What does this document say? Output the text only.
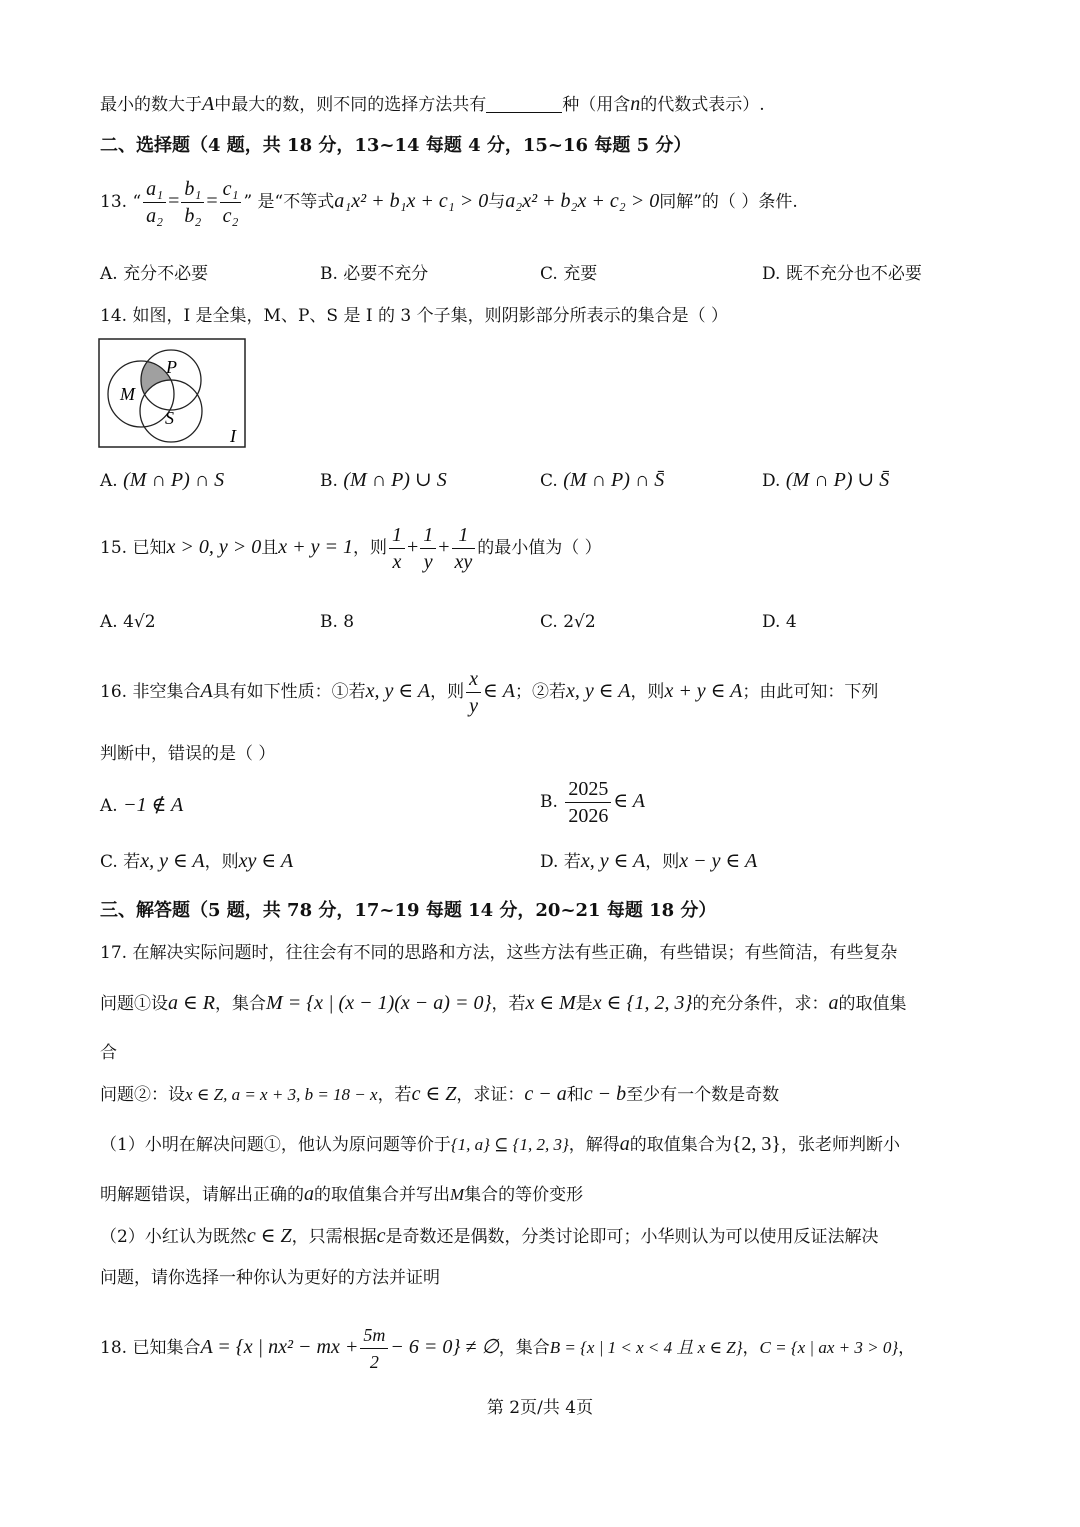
最小的数大于A中最大的数，则不同的选择方法共有	种（用含n的代数式表示）.
二、选择题（4 题，共 18 分，13~14 每题 4 分，15~16 每题 5 分）
13. “ $\frac{\text{a₁}}{\text{a₂}} = \frac{\text{b₁}}{\text{b₂}} = \frac{\text{c₁}}{\text{c₂}}$ ” 是“不等式a₁x² + b₁x + c₁ > 0与a₂x² + b₂x + c₂ > 0同解”的（ ）条件.
A. 充分不必要	B. 必要不充分	C. 充要	D. 既不充分也不必要
14. 如图，I 是全集，M、P、S 是 I 的 3 个子集，则阴影部分所表示的集合是（ ）
M
P
S
I
A. (M ∩ P) ∩ S	B. (M ∩ P) ∪ S	C. (M ∩ P) ∩ S̄	D. (M ∩ P) ∪ S̄
15. 已知x > 0, y > 0且x + y = 1，则 $\frac{1}{x} + \frac{1}{y} + \frac{1}{xy}$ 的最小值为（ ）
A. 4√2	B. 8	C. 2√2	D. 4
16. 非空集合A具有如下性质：①若x, y ∈ A，则 $\frac{x}{y}$ ∈ A；②若x, y ∈ A，则x + y ∈ A；由此可知：下列
判断中，错误的是（ ）
A. −1 ∉ A	B. $\frac{2025}{2026}$ ∈ A
C. 若x, y ∈ A，则xy ∈ A	D. 若x, y ∈ A，则x − y ∈ A
三、解答题（5 题，共 78 分，17~19 每题 14 分，20~21 每题 18 分）
17. 在解决实际问题时，往往会有不同的思路和方法，这些方法有些正确，有些错误；有些简洁，有些复杂
问题①设a ∈ R，集合M = {x | (x − 1)(x − a) = 0}，若x ∈ M是x ∈ {1, 2, 3}的充分条件，求：a的取值集
合
问题②：设x ∈ Z, a = x + 3, b = 18 − x，若c ∈ Z，求证：c − a和c − b至少有一个数是奇数
（1）小明在解决问题①，他认为原问题等价于{1, a} ⊆ {1, 2, 3}，解得a的取值集合为{2, 3}，张老师判断小
明解题错误，请解出正确的a的取值集合并写出M集合的等价变形
（2）小红认为既然c ∈ Z，只需根据c是奇数还是偶数，分类讨论即可；小华则认为可以使用反证法解决
问题，请你选择一种你认为更好的方法并证明
18. 已知集合A = {x | nx² − mx + $\frac{5m}{2} - 6 = 0$} ≠ ∅，集合B = {x | 1 < x < 4 且 x ∈ Z}，C = {x | ax + 3 > 0}，
第 2页/共 4页
